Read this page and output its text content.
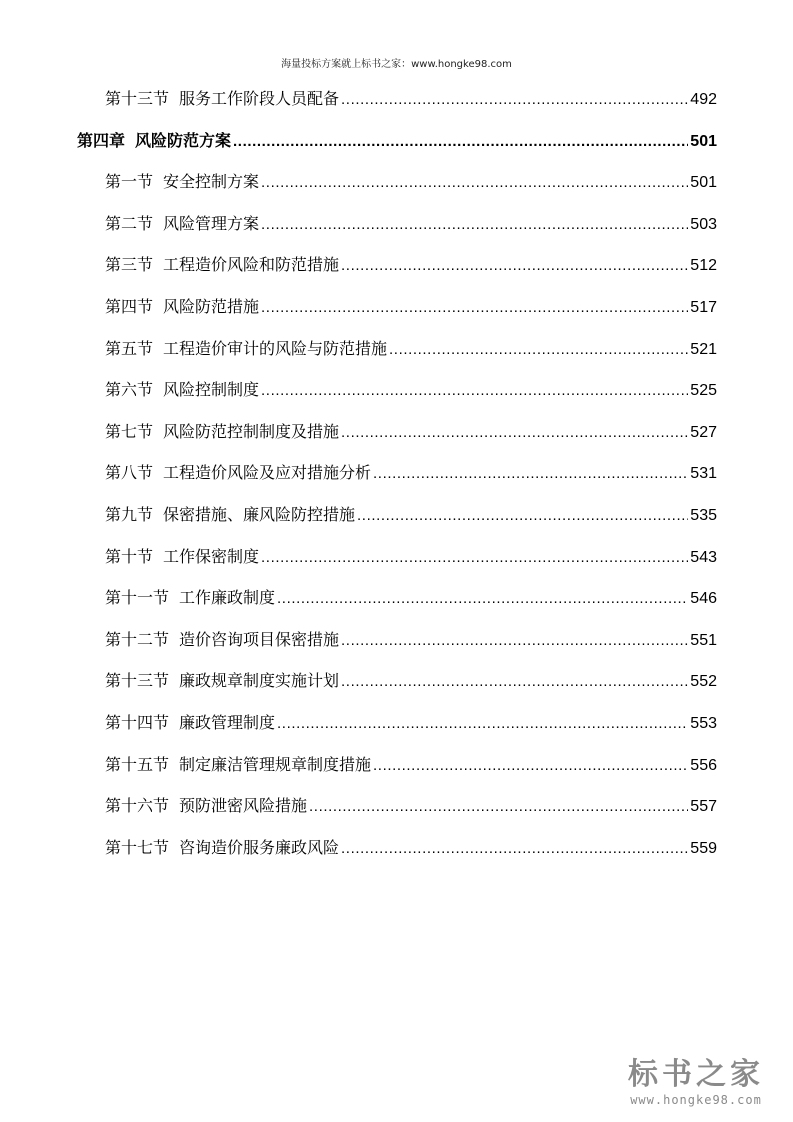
海量投标方案就上标书之家：www.hongke98.com
第十三节 服务工作阶段人员配备 .....	492
第四章 风险防范方案 .....	501
第一节 安全控制方案 .....	501
第二节 风险管理方案 .....	503
第三节 工程造价风险和防范措施 .....	512
第四节 风险防范措施 .....	517
第五节 工程造价审计的风险与防范措施 .....	521
第六节 风险控制制度 .....	525
第七节 风险防范控制制度及措施 .....	527
第八节 工程造价风险及应对措施分析 .....	531
第九节 保密措施、廉风险防控措施 .....	535
第十节 工作保密制度 .....	543
第十一节 工作廉政制度 .....	546
第十二节 造价咨询项目保密措施 .....	551
第十三节 廉政规章制度实施计划 .....	552
第十四节 廉政管理制度 .....	553
第十五节 制定廉洁管理规章制度措施 .....	556
第十六节 预防泄密风险措施 .....	557
第十七节 咨询造价服务廉政风险 .....	559
标书之家
www.hongke98.com
